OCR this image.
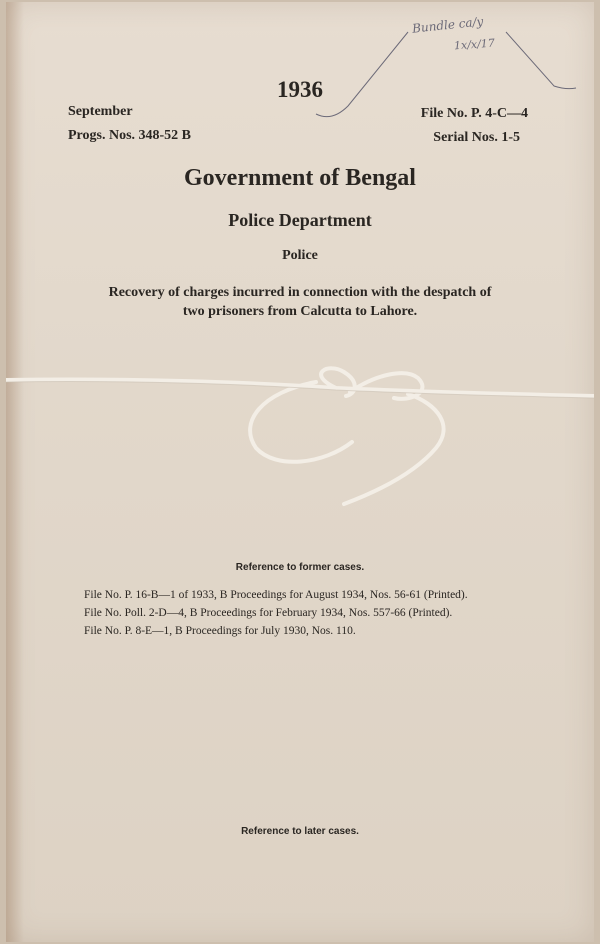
Bundle ca/y
1x/x/17
1936
September
Progs. Nos. 348-52 B
File No. P. 4-C—4
Serial Nos. 1-5
Government of Bengal
Police Department
Police
Recovery of charges incurred in connection with the despatch of
two prisoners from Calcutta to Lahore.
Reference to former cases.
File No. P. 16-B—1 of 1933, B Proceedings for August 1934, Nos. 56-61 (Printed).
File No. Poll. 2-D—4, B Proceedings for February 1934, Nos. 557-66 (Printed).
File No. P. 8-E—1, B Proceedings for July 1930, Nos. 110.
Reference to later cases.
